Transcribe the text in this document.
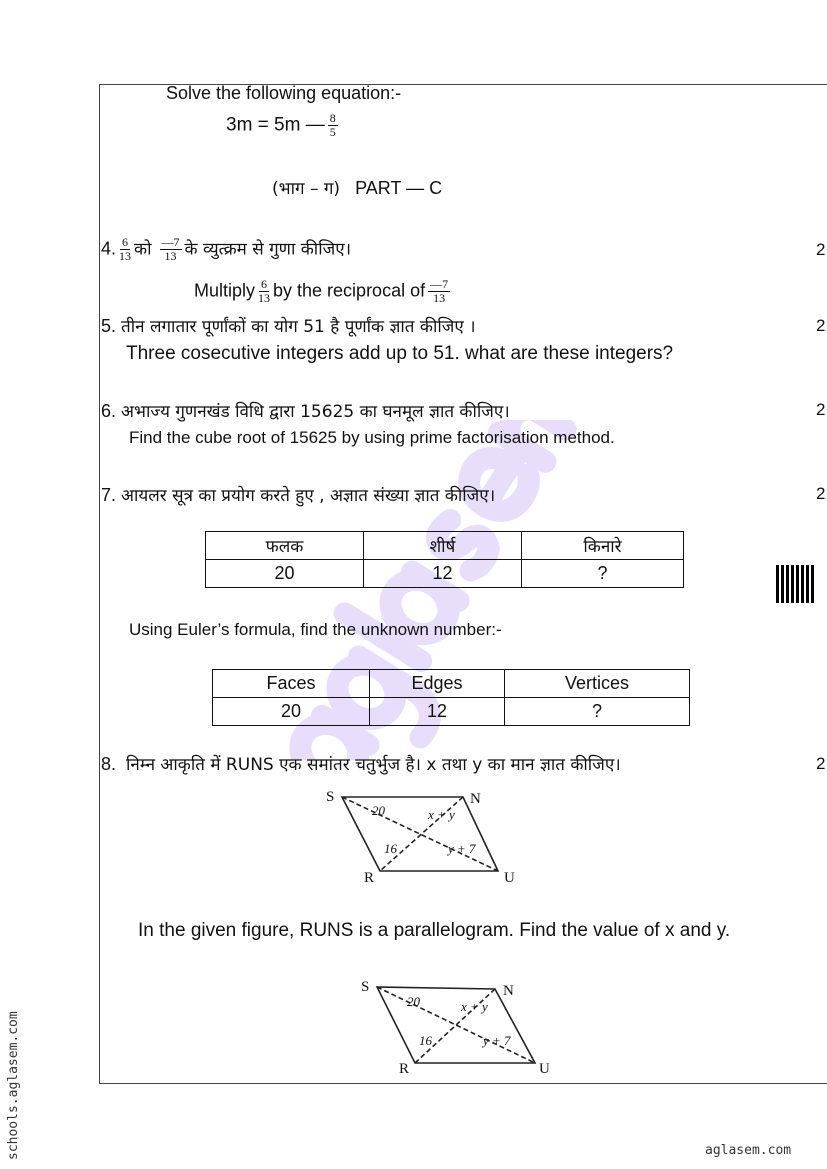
Solve the following equation:-
3m = 5m — $\frac{8}{5}$
(भाग – ग) PART — C
4. $\frac{6}{13}$ को $\frac{—7}{13}$ के व्युत्क्रम से गुणा कीजिए।	2
Multiply $\frac{6}{13}$ by the reciprocal of $\frac{—7}{13}$
5. तीन लगातार पूर्णांकों का योग 51 है पूर्णांक ज्ञात कीजिए ।	2
Three cosecutive integers add up to 51. what are these integers?
6. अभाज्य गुणनखंड विधि द्वारा 15625 का घनमूल ज्ञात कीजिए।	2
Find the cube root of 15625 by using prime factorisation method.
7. आयलर सूत्र का प्रयोग करते हुए , अज्ञात संख्या ज्ञात कीजिए।	2
फलक	शीर्ष	किनारे
20	12	?
Using Euler’s formula, find the unknown number:-
Faces	Edges	Vertices
20	12	?
8. निम्न आकृति में RUNS एक समांतर चतुर्भुज है। x तथा y का मान ज्ञात कीजिए।	2
S	N
R	U
20	x + y
16	y + 7
In the given figure, RUNS is a parallelogram. Find the value of x and y.
S	N
R	U
20	x + y
16	y + 7
schools.aglasem.com	aglasem.com
